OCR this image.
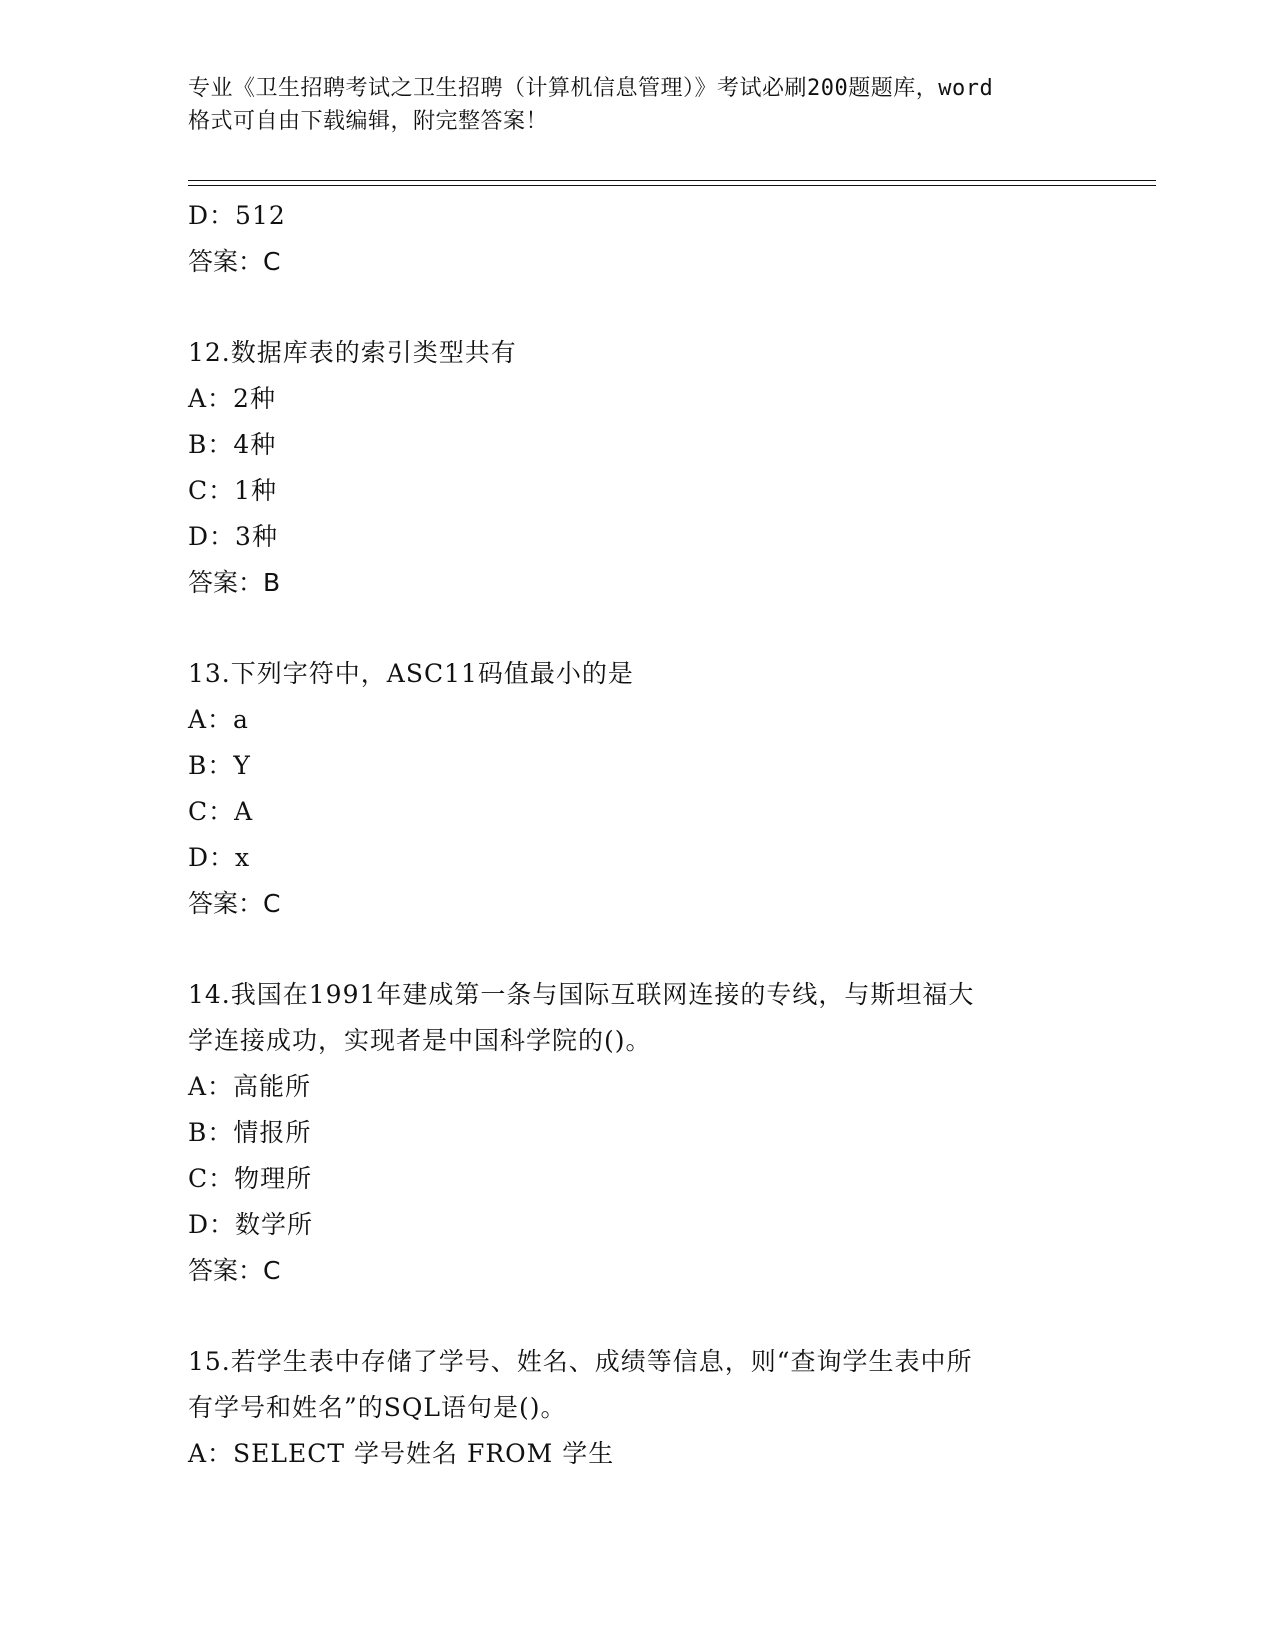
专业《卫生招聘考试之卫生招聘（计算机信息管理）》考试必刷200题题库，word
格式可自由下载编辑，附完整答案！
D：512
答案：C
12.数据库表的索引类型共有
A：2种
B：4种
C：1种
D：3种
答案：B
13.下列字符中，ASC11码值最小的是
A：a
B：Y
C：A
D：x
答案：C
14.我国在1991年建成第一条与国际互联网连接的专线，与斯坦福大
学连接成功，实现者是中国科学院的()。
A：高能所
B：情报所
C：物理所
D：数学所
答案：C
15.若学生表中存储了学号、姓名、成绩等信息，则“查询学生表中所
有学号和姓名”的SQL语句是()。
A：SELECT 学号姓名 FROM 学生
